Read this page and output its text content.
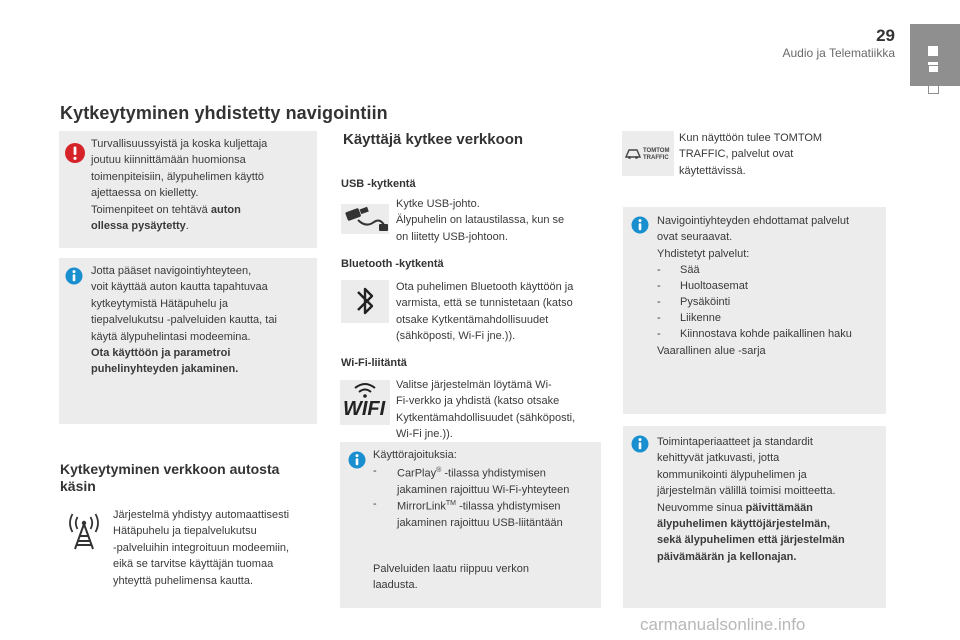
29
Audio ja Telematiikka
Kytkeytyminen yhdistetty navigointiin
Turvallisuussyistä ja koska kuljettaja
joutuu kiinnittämään huomionsa
toimenpiteisiin, älypuhelimen käyttö
ajettaessa on kielletty.
Toimenpiteet on tehtävä auton
ollessa pysäytetty.
Jotta pääset navigointiyhteyteen,
voit käyttää auton kautta tapahtuvaa
kytkeytymistä Hätäpuhelu ja
tiepalvelukutsu -palveluiden kautta, tai
käytä älypuhelintasi modeemina.
Ota käyttöön ja parametroi
puhelinyhteyden jakaminen.
Kytkeytyminen verkkoon autosta
käsin
Järjestelmä yhdistyy automaattisesti
Hätäpuhelu ja tiepalvelukutsu
-palveluihin integroituun modeemiin,
eikä se tarvitse käyttäjän tuomaa
yhteyttä puhelimensa kautta.
Käyttäjä kytkee verkkoon
USB -kytkentä
Kytke USB-johto.
Älypuhelin on lataustilassa, kun se
on liitetty USB-johtoon.
Bluetooth -kytkentä
Ota puhelimen Bluetooth käyttöön ja
varmista, että se tunnistetaan (katso
otsake Kytkentämahdollisuudet
(sähköposti, Wi-Fi jne.)).
Wi-Fi-liitäntä
WIFI
Valitse järjestelmän löytämä Wi-
Fi-verkko ja yhdistä (katso otsake
Kytkentämahdollisuudet (sähköposti,
Wi-Fi jne.)).
Käyttörajoituksia:
- CarPlay® -tilassa yhdistymisen
jakaminen rajoittuu Wi-Fi-yhteyteen
- MirrorLink™ -tilassa yhdistymisen
jakaminen rajoittuu USB-liitäntään
Palveluiden laatu riippuu verkon
laadusta.
TOMTOM
TRAFFIC
Kun näyttöön tulee TOMTOM
TRAFFIC, palvelut ovat
käytettävissä.
Navigointiyhteyden ehdottamat palvelut
ovat seuraavat.
Yhdistetyt palvelut:
- Sää
- Huoltoasemat
- Pysäköinti
- Liikenne
- Kiinnostava kohde paikallinen haku
Vaarallinen alue -sarja
Toimintaperiaatteet ja standardit
kehittyvät jatkuvasti, jotta
kommunikointi älypuhelimen ja
järjestelmän välillä toimisi moitteetta.
Neuvomme sinua päivittämään
älypuhelimen käyttöjärjestelmän,
sekä älypuhelimen että järjestelmän
päivämäärän ja kellonajan.
carmanualsonline.info
